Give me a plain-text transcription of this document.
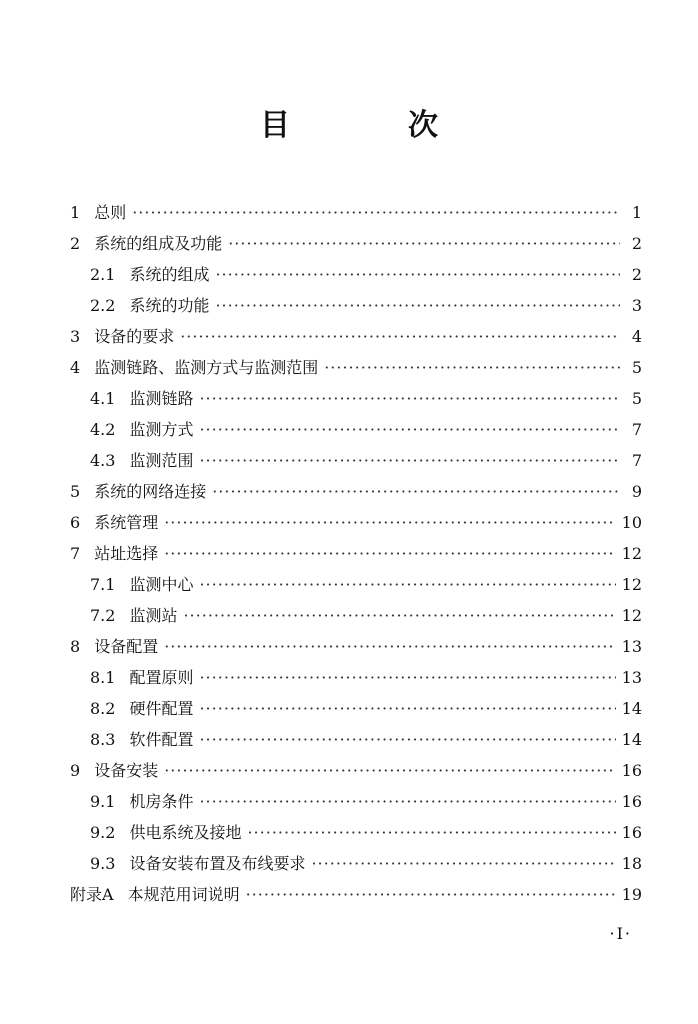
目　次
1 总则 ·····	1
2 系统的组成及功能 ·····	2
2.1 系统的组成 ·····	2
2.2 系统的功能 ·····	3
3 设备的要求 ·····	4
4 监测链路、监测方式与监测范围 ·····	5
4.1 监测链路 ·····	5
4.2 监测方式 ·····	7
4.3 监测范围 ·····	7
5 系统的网络连接 ·····	9
6 系统管理 ·····	10
7 站址选择 ·····	12
7.1 监测中心 ·····	12
7.2 监测站 ·····	12
8 设备配置 ·····	13
8.1 配置原则 ·····	13
8.2 硬件配置 ·····	14
8.3 软件配置 ·····	14
9 设备安装 ·····	16
9.1 机房条件 ·····	16
9.2 供电系统及接地 ·····	16
9.3 设备安装布置及布线要求 ·····	18
附录A 本规范用词说明 ·····	19
·I·
